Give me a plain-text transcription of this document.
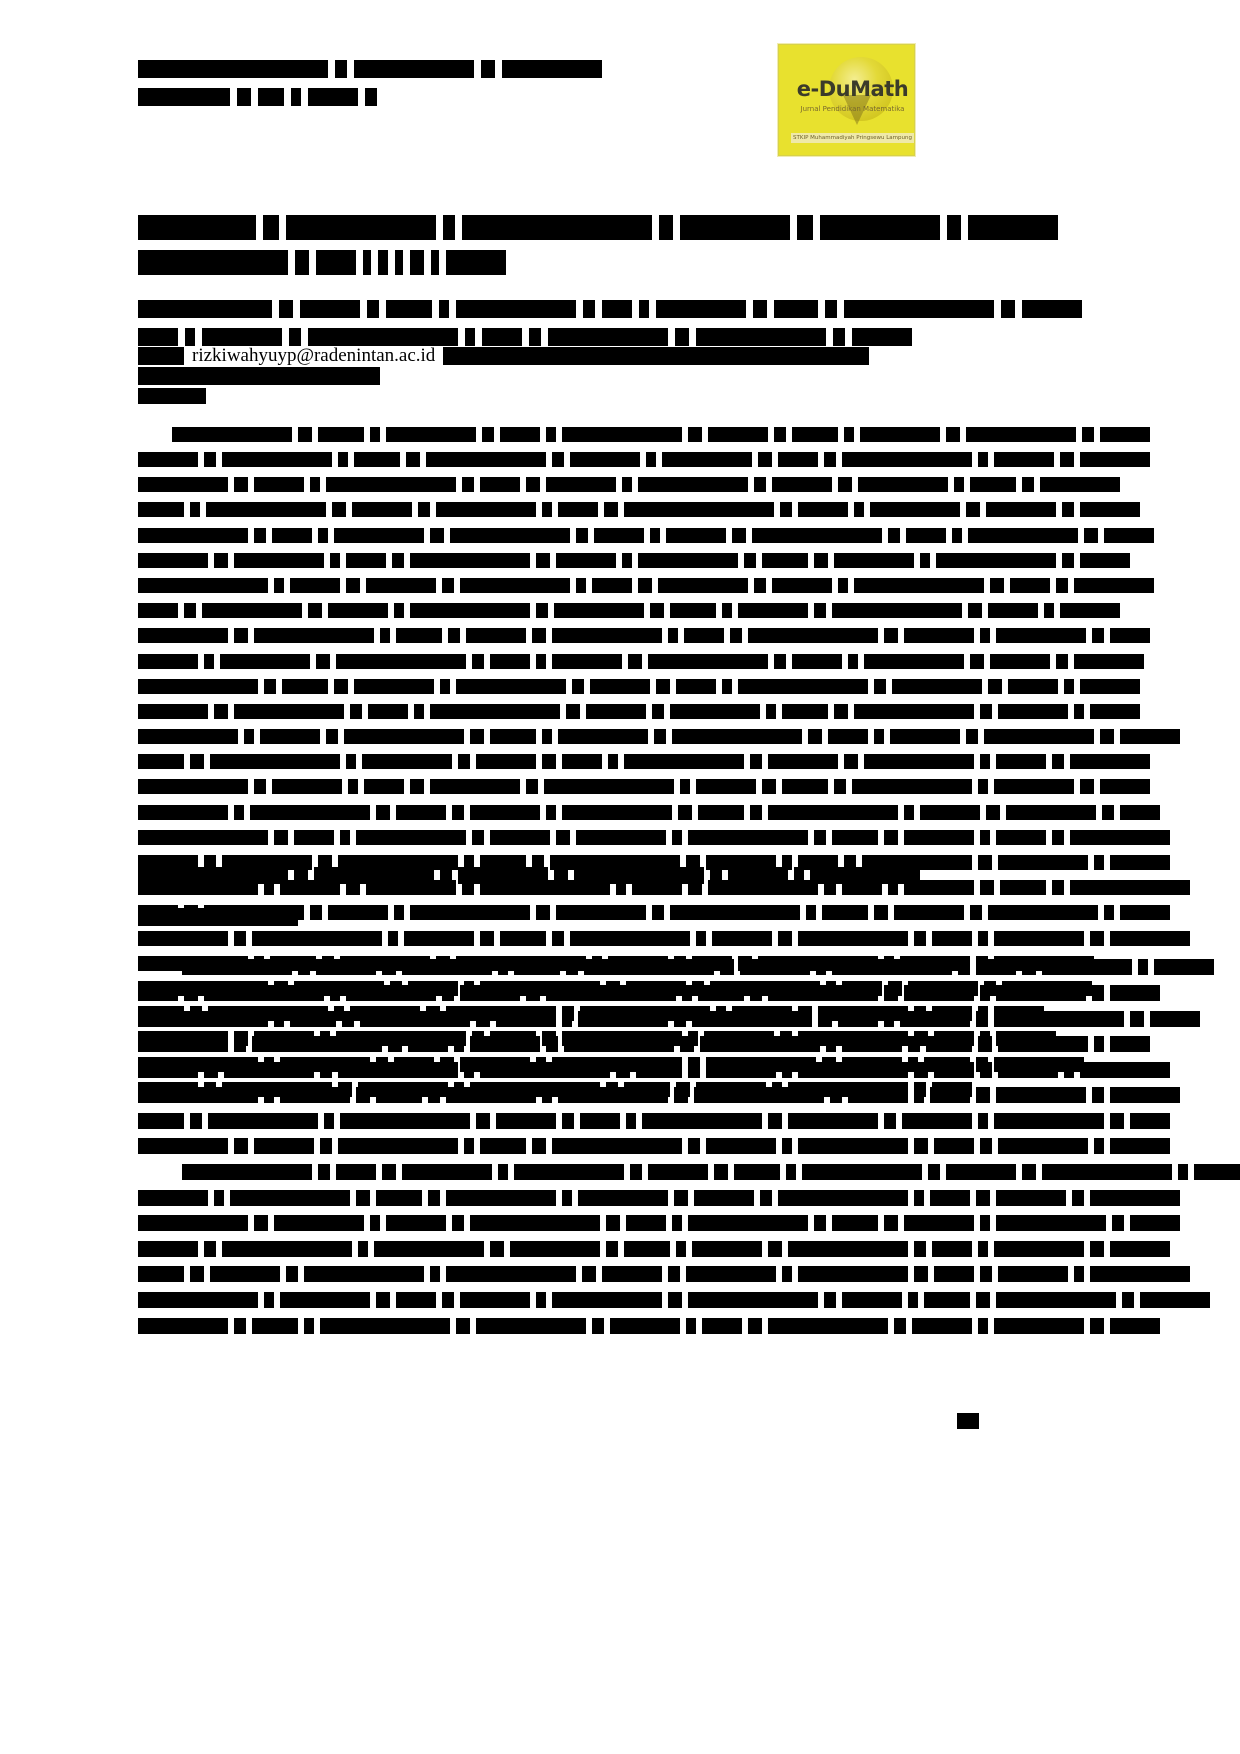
e-DuMath
Jurnal Pendidikan Matematika
STKIP Muhammadiyah Pringsewu Lampung
rizkiwahyuyp@radenintan.ac.id
